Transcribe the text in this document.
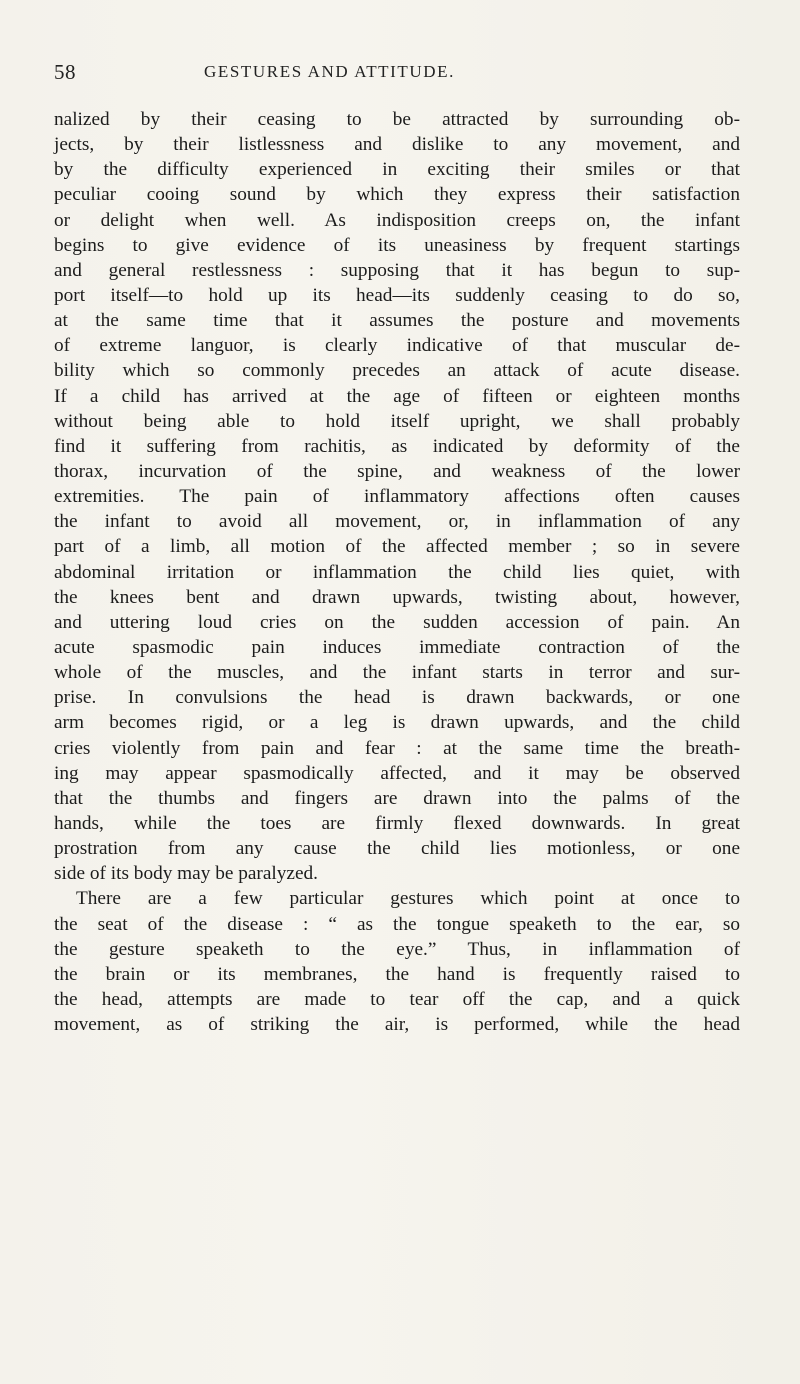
58	GESTURES AND ATTITUDE.
nalized by their ceasing to be attracted by surrounding ob-
jects, by their listlessness and dislike to any movement, and
by the difficulty experienced in exciting their smiles or that
peculiar cooing sound by which they express their satisfaction
or delight when well. As indisposition creeps on, the infant
begins to give evidence of its uneasiness by frequent startings
and general restlessness : supposing that it has begun to sup-
port itself—to hold up its head—its suddenly ceasing to do so,
at the same time that it assumes the posture and movements
of extreme languor, is clearly indicative of that muscular de-
bility which so commonly precedes an attack of acute disease.
If a child has arrived at the age of fifteen or eighteen months
without being able to hold itself upright, we shall probably
find it suffering from rachitis, as indicated by deformity of the
thorax, incurvation of the spine, and weakness of the lower
extremities. The pain of inflammatory affections often causes
the infant to avoid all movement, or, in inflammation of any
part of a limb, all motion of the affected member ; so in severe
abdominal irritation or inflammation the child lies quiet, with
the knees bent and drawn upwards, twisting about, however,
and uttering loud cries on the sudden accession of pain. An
acute spasmodic pain induces immediate contraction of the
whole of the muscles, and the infant starts in terror and sur-
prise. In convulsions the head is drawn backwards, or one
arm becomes rigid, or a leg is drawn upwards, and the child
cries violently from pain and fear : at the same time the breath-
ing may appear spasmodically affected, and it may be observed
that the thumbs and fingers are drawn into the palms of the
hands, while the toes are firmly flexed downwards. In great
prostration from any cause the child lies motionless, or one
side of its body may be paralyzed.
There are a few particular gestures which point at once to
the seat of the disease : “ as the tongue speaketh to the ear, so
the gesture speaketh to the eye.” Thus, in inflammation of
the brain or its membranes, the hand is frequently raised to
the head, attempts are made to tear off the cap, and a quick
movement, as of striking the air, is performed, while the head
